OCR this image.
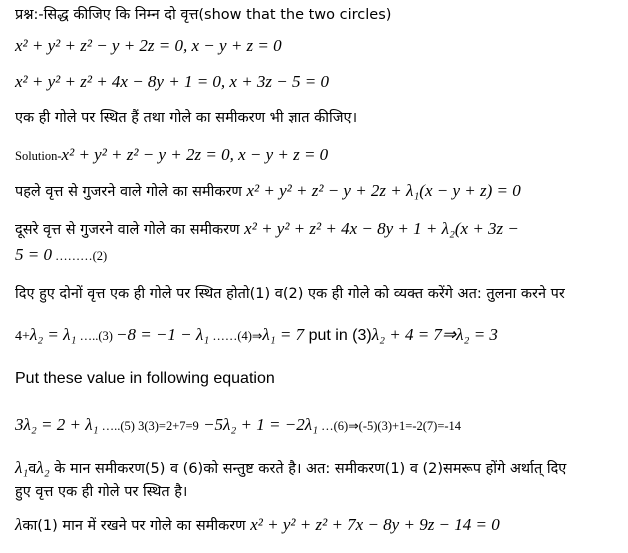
प्रश्न:-सिद्ध कीजिए कि निम्न दो वृत्त(show that the two circles)
x² + y² + z² − y + 2z = 0, x − y + z = 0
x² + y² + z² + 4x − 8y + 1 = 0, x + 3z − 5 = 0
एक ही गोले पर स्थित हैं तथा गोले का समीकरण भी ज्ञात कीजिए।
Solution-x² + y² + z² − y + 2z = 0, x − y + z = 0
पहले वृत्त से गुजरने वाले गोले का समीकरण x² + y² + z² − y + 2z + λ₁(x − y + z) = 0
दूसरे वृत्त से गुजरने वाले गोले का समीकरण x² + y² + z² + 4x − 8y + 1 + λ₂(x + 3z −
5 = 0 ………(2)
दिए हुए दोनों वृत्त एक ही गोले पर स्थित होतो(1) व(2) एक ही गोले को व्यक्त करेंगे अत: तुलना करने पर
4+λ₂ = λ₁ …..(3) −8 = −1 − λ₁ ……(4)⇒λ₁ = 7 put in (3)λ₂ + 4 = 7⇒λ₂ = 3
Put these value in following equation
3λ₂ = 2 + λ₁ …..(5) 3(3)=2+7=9 −5λ₂ + 1 = −2λ₁ …(6)⇒(-5)(3)+1=-2(7)=-14
λ₁वλ₂ के मान समीकरण(5) व (6)को सन्तुष्ट करते है। अत: समीकरण(1) व (2)समरूप होंगे अर्थात् दिए
हुए वृत्त एक ही गोले पर स्थित है।
λका(1) मान में रखने पर गोले का समीकरण x² + y² + z² + 7x − 8y + 9z − 14 = 0
